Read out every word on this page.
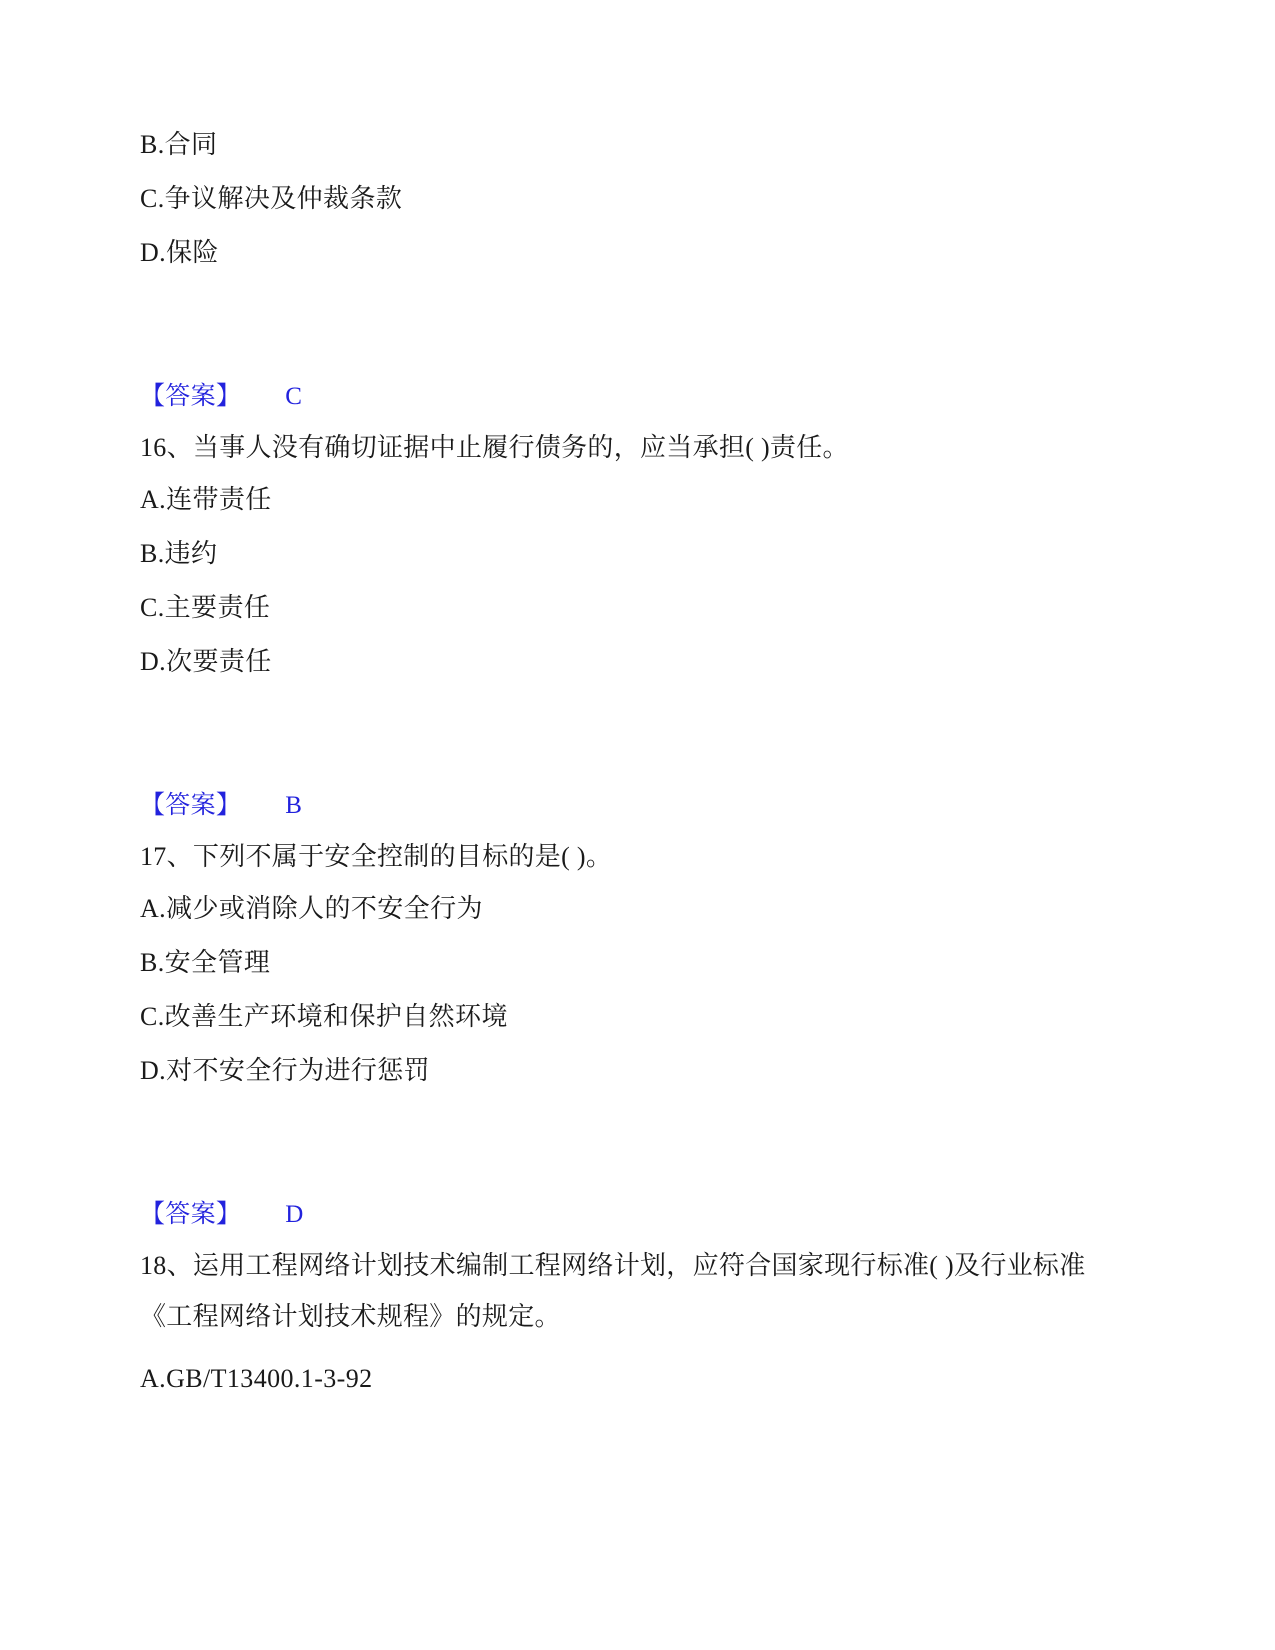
B.合同
C.争议解决及仲裁条款
D.保险
【答案】 C
16、当事人没有确切证据中止履行债务的，应当承担( )责任。
A.连带责任
B.违约
C.主要责任
D.次要责任
【答案】 B
17、下列不属于安全控制的目标的是( )。
A.减少或消除人的不安全行为
B.安全管理
C.改善生产环境和保护自然环境
D.对不安全行为进行惩罚
【答案】 D
18、运用工程网络计划技术编制工程网络计划，应符合国家现行标准( )及行业标准《工程网络计划技术规程》的规定。
A.GB/T13400.1-3-92
